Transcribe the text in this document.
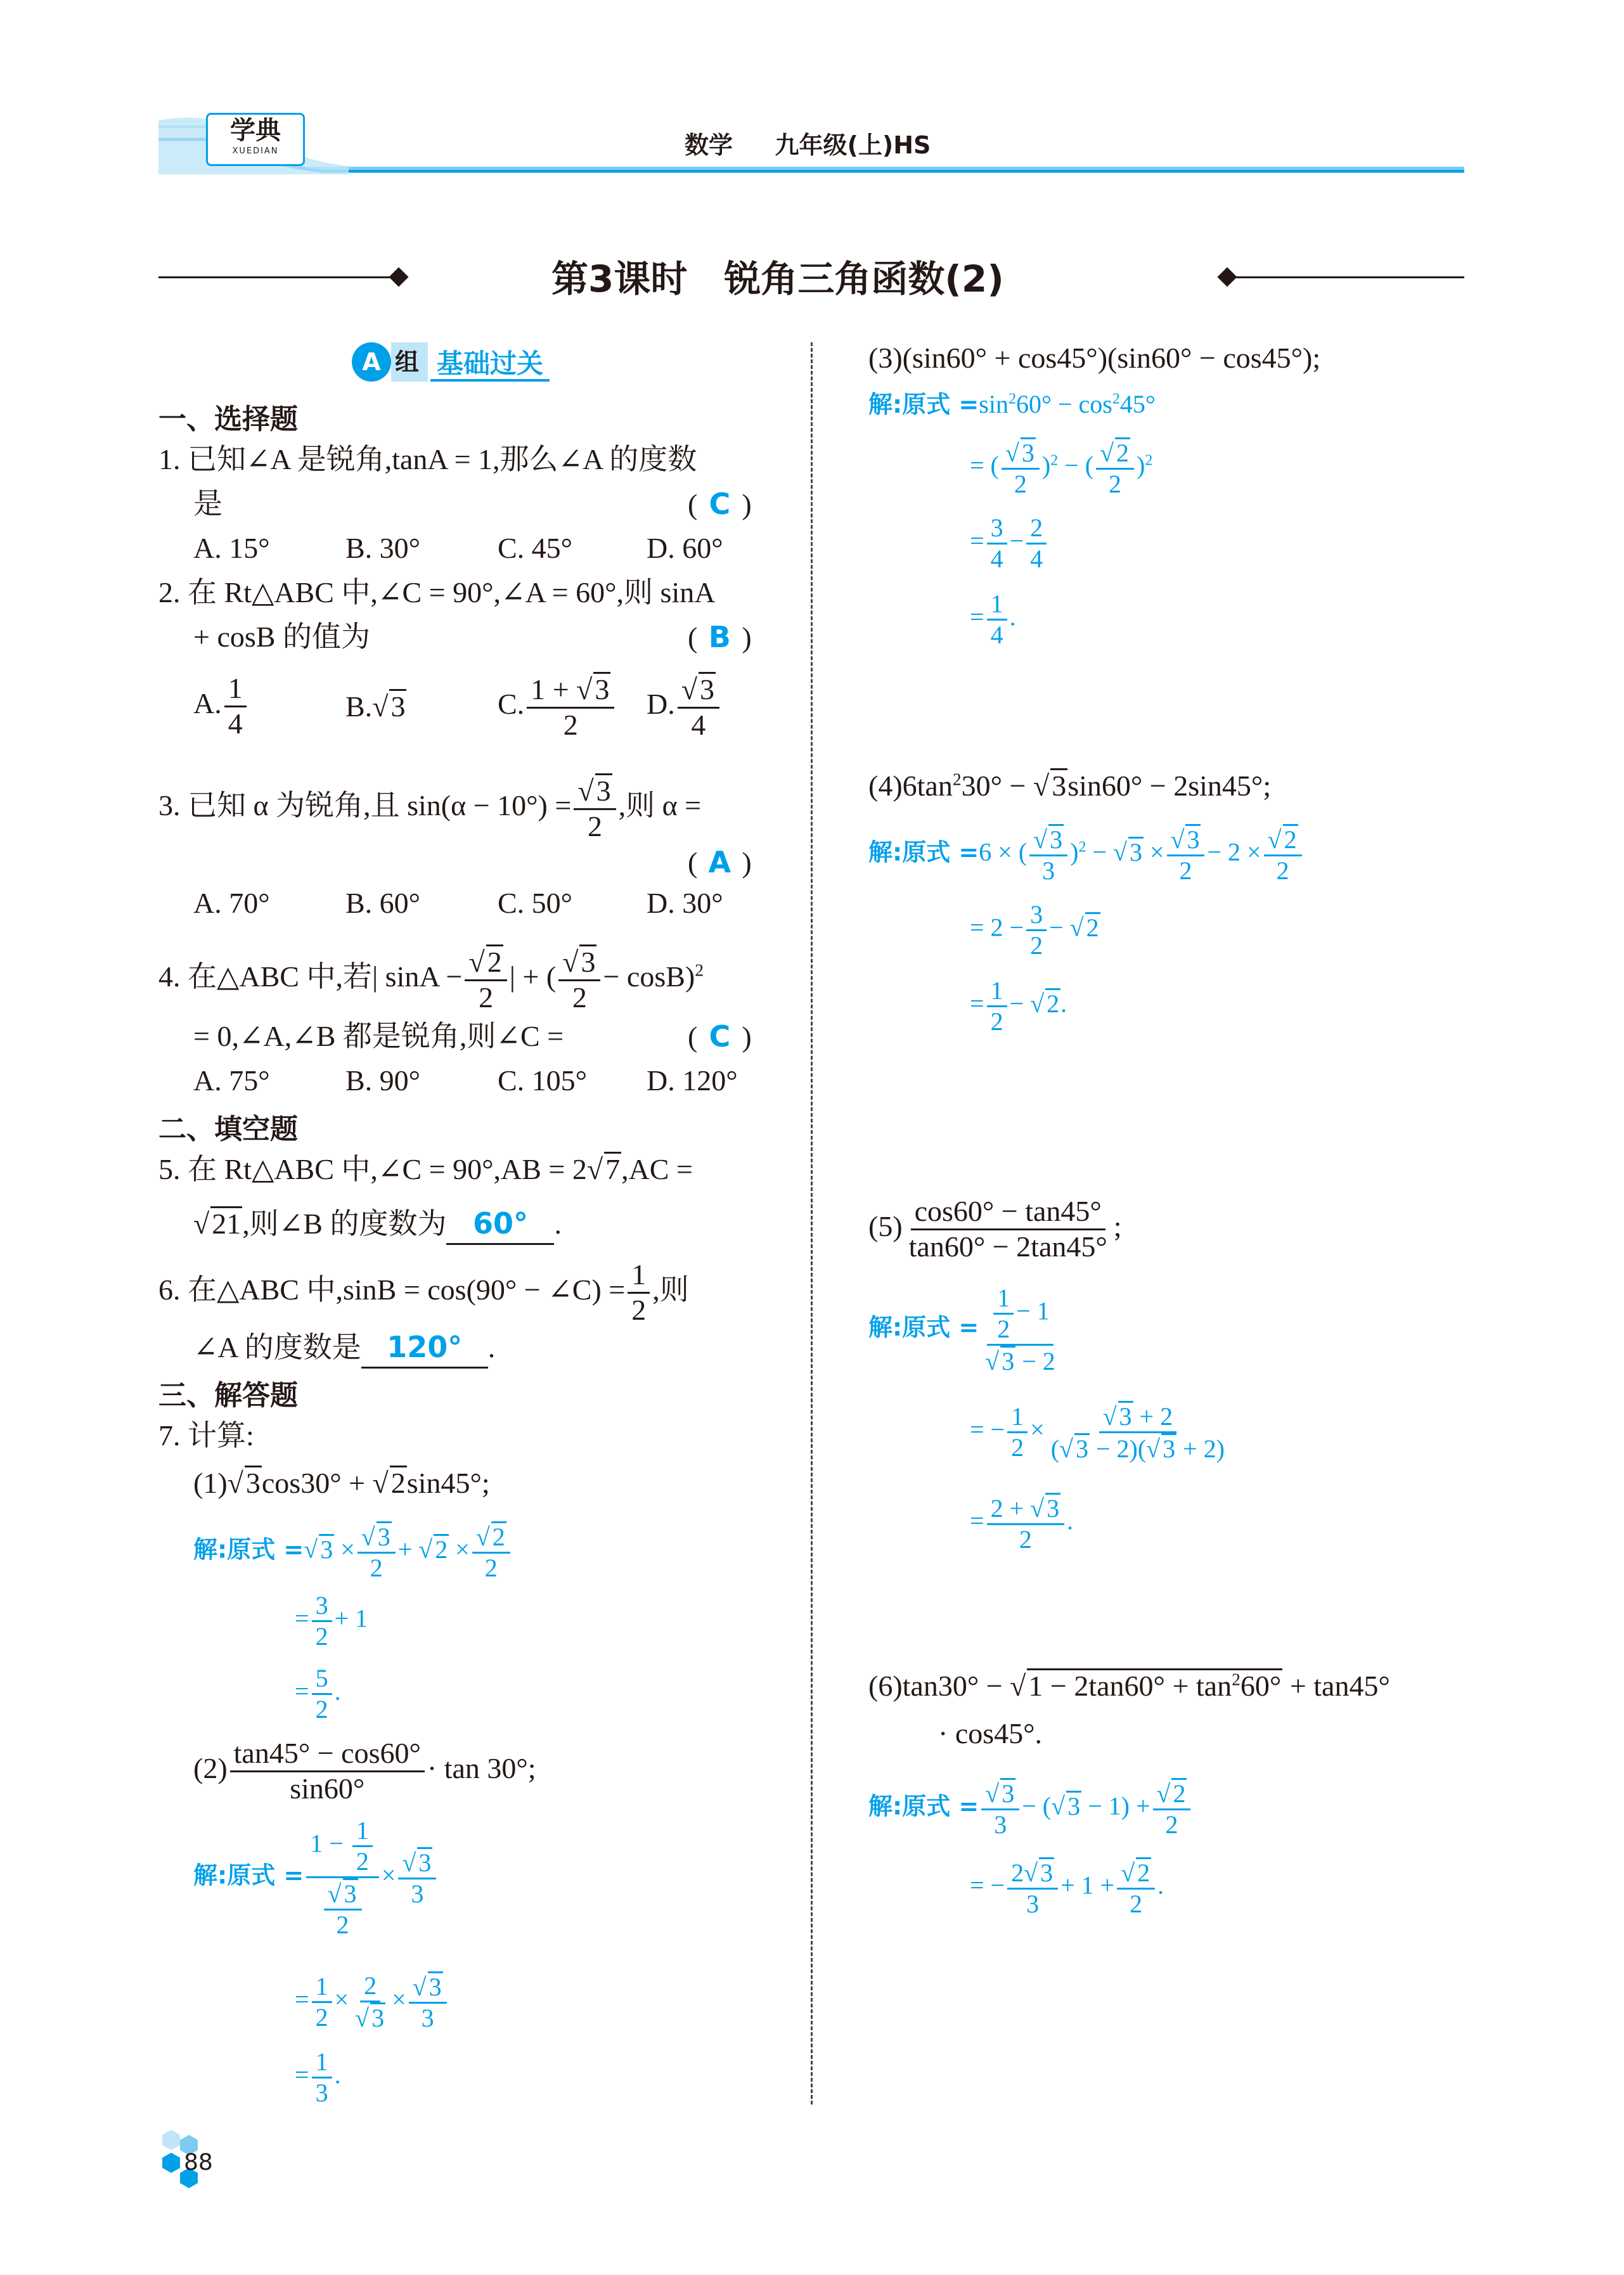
学典
XUEDIAN	数学 九年级(上)HS
第3课时　锐角三角函数(2)
A 组 基础过关
一、选择题
1. 已知∠A 是锐角,tanA = 1,那么∠A 的度数
是	( C )
A. 15°	B. 30°	C. 45°	D. 60°
2. 在 Rt△ABC 中,∠C = 90°,∠A = 60°,则 sinA
+ cosB 的值为	( B )
A. $\frac{1}{4}$	B.√3	C. $\frac{1 + √3}{2} D$. $\frac{√3}{4}$
3. 已知 α 为锐角,且 $\sin(\alpha - 10^\circ) = \frac{√3}{2}$ ,则 α =
( A )
A. 70°	B. 60°	C. 50°	D. 30°
4. 在△ABC 中,若| $\sin A - \frac{√2}{2}$ | + ( $\frac{√3}{2} - \cos B)^2$
= 0,∠A,∠B 都是锐角,则∠C =	( C )
A. 75°	B. 90°	C. 105° D. 120°
二、填空题
5. 在 Rt△ABC 中,∠C = 90°,AB = 2√7,AC =
√21,则∠B 的度数为 60° .
6. 在△ABC 中,sinB = cos(90° − ∠C) = $\frac{1}{2}$ ,则
∠A 的度数是 120° .
三、解答题
7. 计算:
(1)√3cos30° + √2sin45°;
解:原式 =√ $3 \times \frac{√ 3}{2}$ + √ $2 \times \frac{√ 2}{2}$
= $\frac{3}{2} + 1$
= $\frac{5}{2}$ .
$(2) \frac{\tan 45^\circ - \cos 60^\circ}{\sin 60^\circ} \cdot \tan 30^\circ$;
解:原式 = $\frac{1 - \frac{1}{2}}{\frac{√ 3}{2}} \times \frac{√ 3}{3}$
= $\frac{1}{2} \times \frac{2}{√ 3} \times \frac{√ 3}{3}$
= $\frac{1}{3}$ .
(3)(sin60° + cos45°)(sin60° − cos45°);
解:原式 $=\sin^260^\circ - \cos^245^\circ$
= ( $\frac{√ 3}{2} )^2$ − ( $\frac{√ 2}{2} )^2$
= $\frac{3}{4} - \frac{2}{4}$
= $\frac{1}{4}$ .
$(4)6\tan^230^\circ - √3\sin 60^\circ - 2\sin 45^\circ$;
解:原式 =6 × ( $\frac{√ 3}{3} )^2$ − √ $3 \times \frac{√ 3}{2} - 2 \times \frac{√ 2}{2}$
= $2 - \frac{3}{2}$ − √ 2
= $\frac{1}{2}$ − √ 2.
$(5) \frac{\cos 60^\circ - \tan 45^\circ}{\tan 60^\circ - 2\tan 45^\circ}$ ;
解:原式 = $\frac{\frac{1}{2} - 1}{√ 3 - 2}$
= − $\frac{1}{2} \times \frac{√ 3 + 2}{(√ 3 - 2)(√ 3 + 2)}$
= $\frac{2 + √ 3}{2}$ .
$(6)\tan 30^\circ - √1 - 2\tan 60^\circ + \tan^260^\circ + \tan 45^\circ$
· cos45°.
解:原式 = $\frac{√ 3}{3}$ − (√ $3 - 1) + \frac{√ 2}{2}$
= − $\frac{2√ 3}{3} + 1 + \frac{√ 2}{2}$ .
88
